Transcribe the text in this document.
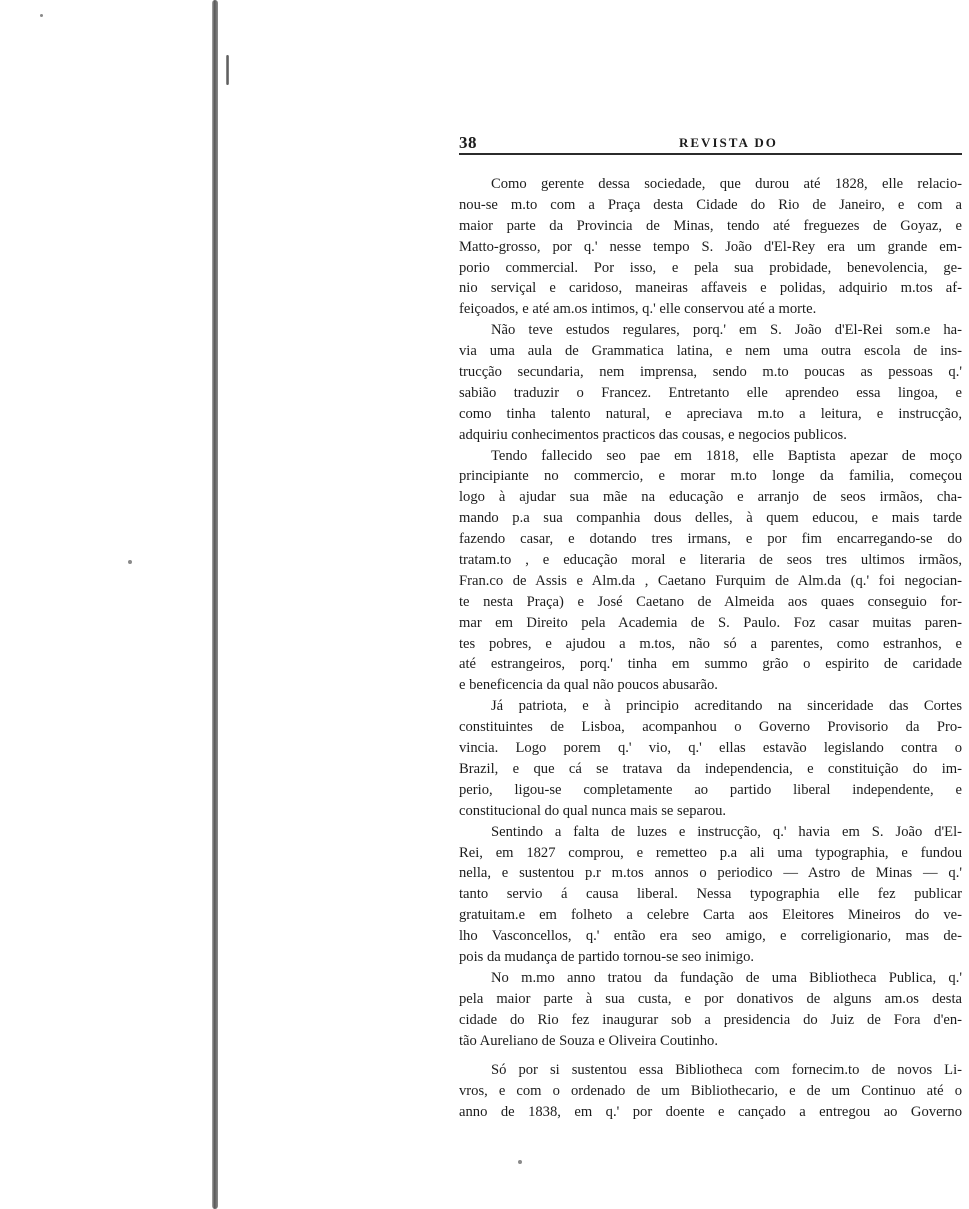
38	REVISTA DO
Como gerente dessa sociedade, que durou até 1828, elle relacio-
nou-se m.to com a Praça desta Cidade do Rio de Janeiro, e com a
maior parte da Provincia de Minas, tendo até freguezes de Goyaz, e
Matto-grosso, por q.' nesse tempo S. João d'El-Rey era um grande em-
porio commercial. Por isso, e pela sua probidade, benevolencia, ge-
nio serviçal e caridoso, maneiras affaveis e polidas, adquirio m.tos af-
feiçoados, e até am.os intimos, q.' elle conservou até a morte.
Não teve estudos regulares, porq.' em S. João d'El-Rei som.e ha-
via uma aula de Grammatica latina, e nem uma outra escola de ins-
trucção secundaria, nem imprensa, sendo m.to poucas as pessoas q.'
sabião traduzir o Francez. Entretanto elle aprendeo essa lingoa, e
como tinha talento natural, e apreciava m.to a leitura, e instrucção,
adquiriu conhecimentos practicos das cousas, e negocios publicos.
Tendo fallecido seo pae em 1818, elle Baptista apezar de moço
principiante no commercio, e morar m.to longe da familia, começou
logo à ajudar sua mãe na educação e arranjo de seos irmãos, cha-
mando p.a sua companhia dous delles, à quem educou, e mais tarde
fazendo casar, e dotando tres irmans, e por fim encarregando-se do
tratam.to , e educação moral e literaria de seos tres ultimos irmãos,
Fran.co de Assis e Alm.da , Caetano Furquim de Alm.da (q.' foi negocian-
te nesta Praça) e José Caetano de Almeida aos quaes conseguio for-
mar em Direito pela Academia de S. Paulo. Foz casar muitas paren-
tes pobres, e ajudou a m.tos, não só a parentes, como estranhos, e
até estrangeiros, porq.' tinha em summo grão o espirito de caridade
e beneficencia da qual não poucos abusarão.
Já patriota, e à principio acreditando na sinceridade das Cortes
constituintes de Lisboa, acompanhou o Governo Provisorio da Pro-
vincia. Logo porem q.' vio, q.' ellas estavão legislando contra o
Brazil, e que cá se tratava da independencia, e constituição do im-
perio, ligou-se completamente ao partido liberal independente, e
constitucional do qual nunca mais se separou.
Sentindo a falta de luzes e instrucção, q.' havia em S. João d'El-
Rei, em 1827 comprou, e remetteo p.a ali uma typographia, e fundou
nella, e sustentou p.r m.tos annos o periodico — Astro de Minas — q.'
tanto servio á causa liberal. Nessa typographia elle fez publicar
gratuitam.e em folheto a celebre Carta aos Eleitores Mineiros do ve-
lho Vasconcellos, q.' então era seo amigo, e correligionario, mas de-
pois da mudança de partido tornou-se seo inimigo.
No m.mo anno tratou da fundação de uma Bibliotheca Publica, q.'
pela maior parte à sua custa, e por donativos de alguns am.os desta
cidade do Rio fez inaugurar sob a presidencia do Juiz de Fora d'en-
tão Aureliano de Souza e Oliveira Coutinho.
Só por si sustentou essa Bibliotheca com fornecim.to de novos Li-
vros, e com o ordenado de um Bibliothecario, e de um Continuo até o
anno de 1838, em q.' por doente e cançado a entregou ao Governo
